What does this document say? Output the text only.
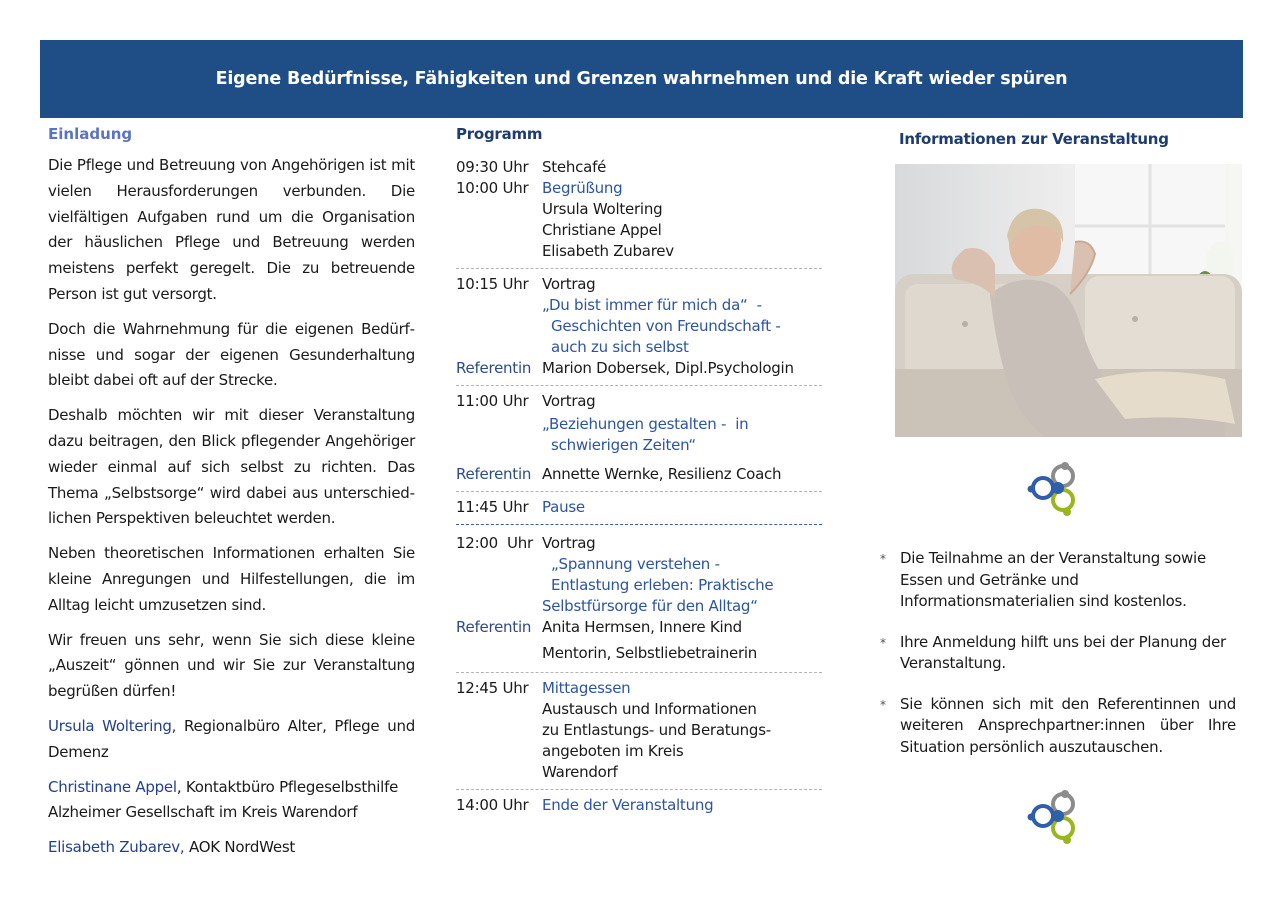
Eigene Bedürfnisse, Fähigkeiten und Grenzen wahrnehmen und die Kraft wieder spüren
Einladung

Die Pflege und Betreuung von Angehörigen ist mit vielen Herausforderungen verbunden. Die vielfältigen Aufgaben rund um die Organisation der häuslichen Pflege und Betreuung werden meistens perfekt geregelt. Die zu betreuende Person ist gut versorgt.

Doch die Wahrnehmung für die eigenen Bedürfnisse und sogar der eigenen Gesunderhaltung bleibt dabei oft auf der Strecke.

Deshalb möchten wir mit dieser Veranstaltung dazu beitragen, den Blick pflegender Angehöriger wieder einmal auf sich selbst zu richten. Das Thema „Selbstsorge“ wird dabei aus unterschiedlichen Perspektiven beleuchtet werden.

Neben theoretischen Informationen erhalten Sie kleine Anregungen und Hilfestellungen, die im Alltag leicht umzusetzen sind.

Wir freuen uns sehr, wenn Sie sich diese kleine „Auszeit“ gönnen und wir Sie zur Veranstaltung begrüßen dürfen!

Ursula Woltering, Regionalbüro Alter, Pflege und Demenz

Christinane Appel, Kontaktbüro Pflegeselbsthilfe Alzheimer Gesellschaft im Kreis Warendorf

Elisabeth Zubarev, AOK NordWest

Programm
09:30 Uhr Stehcafé
10:00 Uhr Begrüßung
Ursula Woltering
Christiane Appel
Elisabeth Zubarev
10:15 Uhr Vortrag
„Du bist immer für mich da“  -
Geschichten von Freundschaft -
auch zu sich selbst
Referentin Marion Dobersek, Dipl.Psychologin
11:00 Uhr Vortrag
„Beziehungen gestalten -  in
schwierigen Zeiten“
Referentin Annette Wernke, Resilienz Coach
11:45 Uhr Pause
12:00  Uhr Vortrag
„Spannung verstehen -
Entlastung erleben: Praktische
Selbstfürsorge für den Alltag“
Referentin Anita Hermsen, Innere Kind
Mentorin, Selbstliebetrainerin
12:45 Uhr Mittagessen
Austausch und Informationen
zu Entlastungs- und Beratungs-
angeboten im Kreis
Warendorf
14:00 Uhr Ende der Veranstaltung
Informationen zur Veranstaltung
* Die Teilnahme an der Veranstaltung sowie Essen und Getränke und Informationsmaterialien sind kostenlos.
* Ihre Anmeldung hilft uns bei der Planung der Veranstaltung.
* Sie können sich mit den Referentinnen und weiteren Ansprechpartner:innen über Ihre Situation persönlich auszutauschen.
